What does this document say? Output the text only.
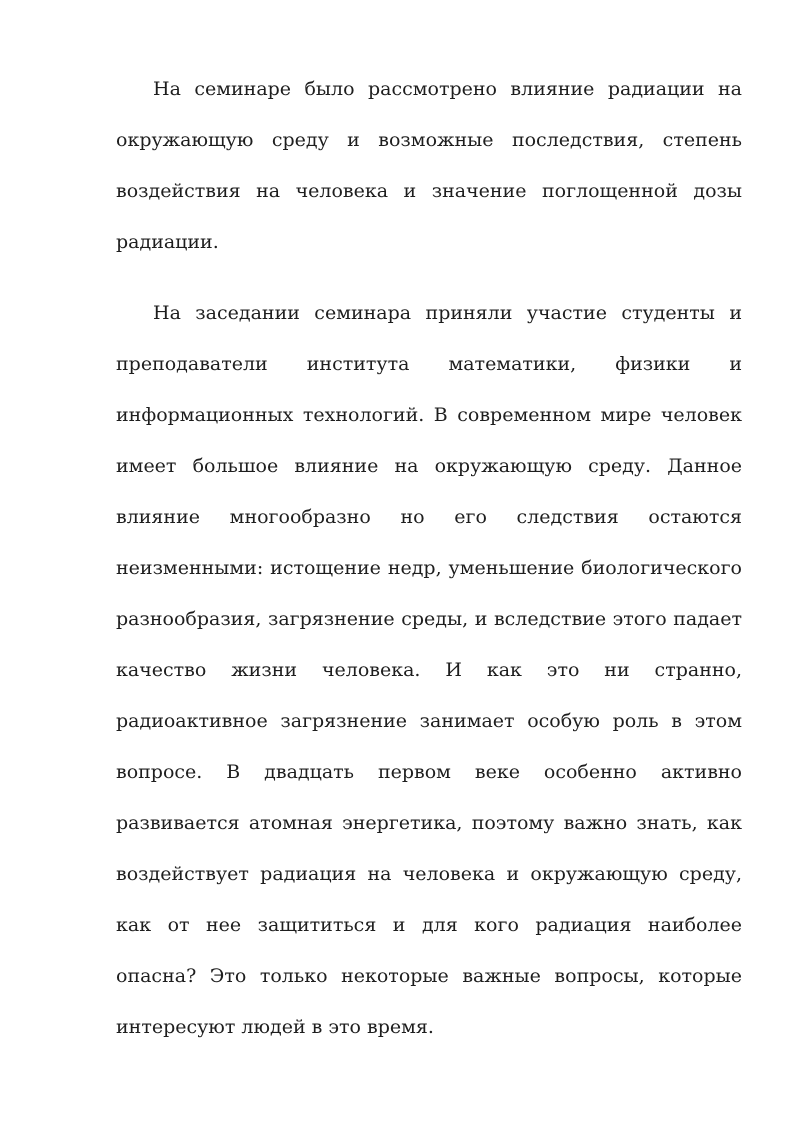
На семинаре было рассмотрено влияние радиации на окружающую среду и возможные последствия, степень воздействия на человека и значение поглощенной дозы радиации.

На заседании семинара приняли участие студенты и преподаватели института математики, физики и информационных технологий. В современном мире человек имеет большое влияние на окружающую среду. Данное влияние многообразно но его следствия остаются неизменными: истощение недр, уменьшение биологического разнообразия, загрязнение среды, и вследствие этого падает качество жизни человека. И как это ни странно, радиоактивное загрязнение занимает особую роль в этом вопросе. В двадцать первом веке особенно активно развивается атомная энергетика, поэтому важно знать, как воздействует радиация на человека и окружающую среду, как от нее защититься и для кого радиация наиболее опасна? Это только некоторые важные вопросы, которые интересуют людей в это время.
